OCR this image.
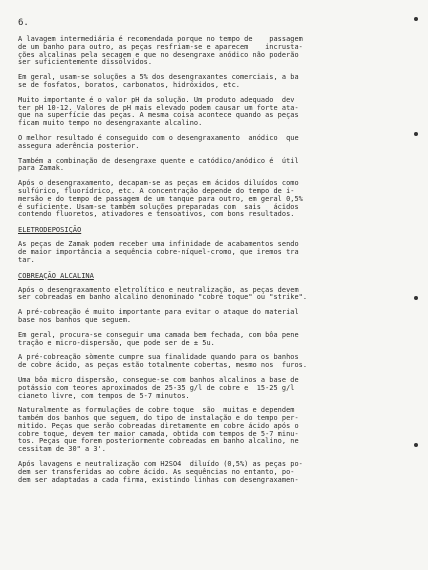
6.

A lavagem intermediária é recomendada porque no tempo de    passagem
de um banho para outro, as peças resfriam-se e aparecem    incrusta-
ções alcalinas pela secagem e que no desengraxe anódico não poderão
ser suficientemente dissolvidos.

Em geral, usam-se soluções a 5% dos desengraxantes comerciais, a ba
se de fosfatos, boratos, carbonatos, hidróxidos, etc.

Muito importante é o valor pH da solução. Um produto adequado  dev
ter pH 10-12. Valores de pH mais elevado podem causar um forte ata-
que na superfície das peças. A mesma coisa acontece quando as peças
ficam muito tempo no desengraxante alcalino.

O melhor resultado é conseguido com o desengraxamento  anódico  que
assegura aderência posterior.

Também a combinação de desengraxe quente e catódico/anódico é  útil
para Zamak.

Após o desengraxamento, decapam-se as peças em ácidos diluídos como
sulfúrico, fluorídrico, etc. A concentração depende do tempo de i-
mersão e do tempo de passagem de um tanque para outro, em geral 0,5%
é suficiente. Usam-se também soluções preparadas com  sais   ácidos
contendo fluoretos, ativadores e tensoativos, com bons resultados.

ELETRODEPOSIÇÃO

As peças de Zamak podem receber uma infinidade de acabamentos sendo
de maior importância a sequência cobre-níquel-cromo, que iremos tra
tar.

COBREAÇÃO ALCALINA

Após o desengraxamento eletrolítico e neutralização, as peças devem
ser cobreadas em banho alcalino denominado "cobre toque" ou "strike".

A pré-cobreação é muito importante para evitar o ataque do material
base nos banhos que seguem.

Em geral, procura-se conseguir uma camada bem fechada, com bôa pene
tração e micro-dispersão, que pode ser de ± 5u.

A pré-cobreação sòmente cumpre sua finalidade quando para os banhos
de cobre ácido, as peças estão totalmente cobertas, mesmo nos  furos.

Uma bôa micro dispersão, consegue-se com banhos alcalinos a base de
potássio com teores aproximados de 25-35 g/l de cobre e  15-25 g/l
cianeto livre, com tempos de 5-7 minutos.

Naturalmente as formulações de cobre toque  são  muitas e dependem
também dos banhos que seguem, do tipo de instalação e do tempo per-
mitido. Peças que serão cobreadas diretamente em cobre ácido após o
cobre toque, devem ter maior camada, obtida com tempos de 5-7 minu-
tos. Peças que forem posteriormente cobreadas em banho alcalino, ne
cessitam de 30" a 3'.

Após lavagens e neutralização com H2SO4  diluído (0,5%) as peças po-
dem ser transferidas ao cobre ácido. As sequências no entanto, po-
dem ser adaptadas a cada firma, existindo linhas com desengraxamen-
